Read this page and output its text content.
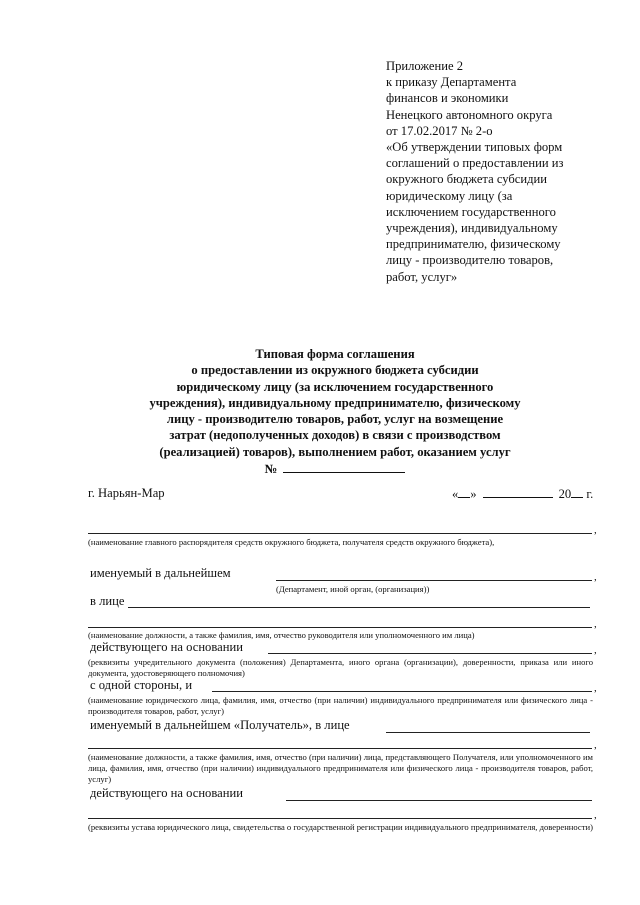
Приложение 2
к приказу Департамента
финансов и экономики
Ненецкого автономного округа
от 17.02.2017 № 2-о
«Об утверждении типовых форм
соглашений о предоставлении из
окружного бюджета субсидии
юридическому лицу (за
исключением государственного
учреждения), индивидуальному
предпринимателю, физическому
лицу - производителю товаров,
работ, услуг»
Типовая форма соглашения
о предоставлении из окружного бюджета субсидии
юридическому лицу (за исключением государственного
учреждения), индивидуальному предпринимателю, физическому
лицу - производителю товаров, работ, услуг на возмещение
затрат (недополученных доходов) в связи с производством
(реализацией) товаров), выполнением работ, оказанием услуг
№
г. Нарьян-Мар	« »	20 г.
,
(наименование главного распорядителя средств окружного бюджета, получателя средств окружного бюджета),
именуемый в дальнейшем	,
(Департамент, иной орган, (организация))
в лице
,
(наименование должности, а также фамилия, имя, отчество руководителя или уполномоченного им лица)
действующего на основании	,
(реквизиты учредительного документа (положения) Департамента, иного органа (организации), доверенности, приказа или иного документа, удостоверяющего полномочия)
с одной стороны, и	,
(наименование юридического лица, фамилия, имя, отчество (при наличии) индивидуального предпринимателя или физического лица - производителя товаров, работ, услуг)
именуемый в дальнейшем «Получатель», в лице
,
(наименование должности, а также фамилия, имя, отчество (при наличии) лица, представляющего Получателя, или уполномоченного им лица, фамилия, имя, отчество (при наличии) индивидуального предпринимателя или физического лица - производителя товаров, работ, услуг)
действующего на основании
,
(реквизиты устава юридического лица, свидетельства о государственной регистрации индивидуального предпринимателя, доверенности)
